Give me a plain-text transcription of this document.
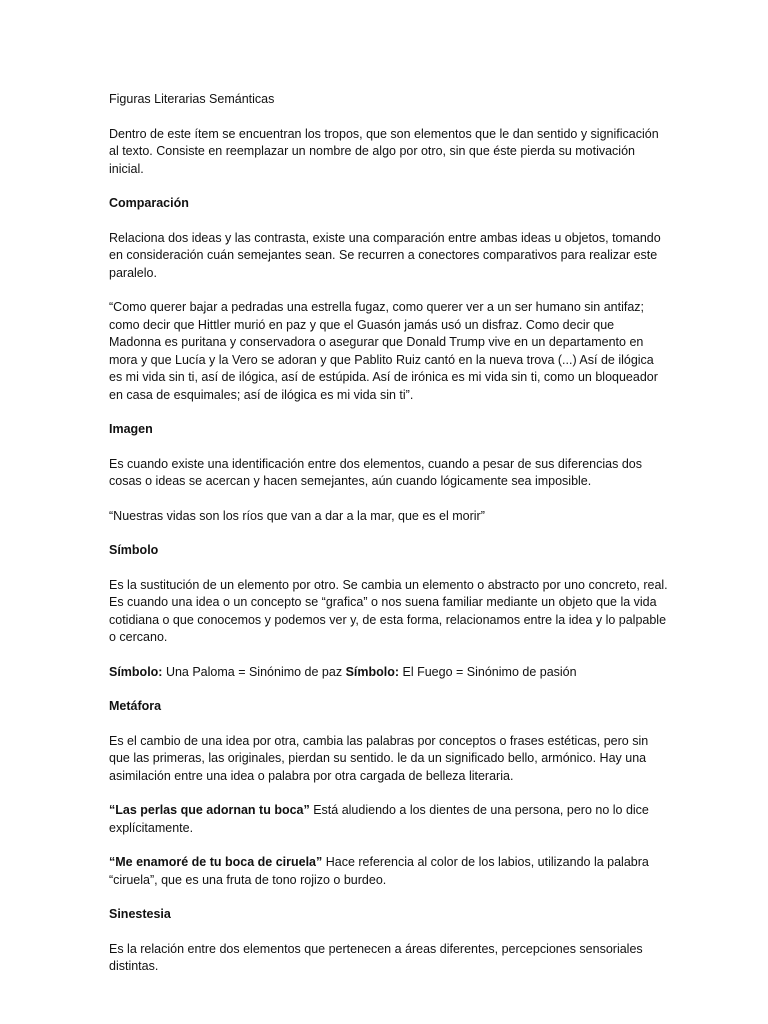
Figuras Literarias Semánticas

Dentro de este ítem se encuentran los tropos, que son elementos que le dan sentido y significación al texto. Consiste en reemplazar un nombre de algo por otro, sin que éste pierda su motivación inicial.

Comparación

Relaciona dos ideas y las contrasta, existe una comparación entre ambas ideas u objetos, tomando en consideración cuán semejantes sean. Se recurren a conectores comparativos para realizar este paralelo.

“Como querer bajar a pedradas una estrella fugaz, como querer ver a un ser humano sin antifaz; como decir que Hittler murió en paz y que el Guasón jamás usó un disfraz. Como decir que Madonna es puritana y conservadora o asegurar que Donald Trump vive en un departamento en mora y que Lucía y la Vero se adoran y que Pablito Ruiz cantó en la nueva trova (...) Así de ilógica es mi vida sin ti, así de ilógica, así de estúpida. Así de irónica es mi vida sin ti, como un bloqueador en casa de esquimales; así de ilógica es mi vida sin ti”.

Imagen

Es cuando existe una identificación entre dos elementos, cuando a pesar de sus diferencias dos cosas o ideas se acercan y hacen semejantes, aún cuando lógicamente sea imposible.

“Nuestras vidas son los ríos que van a dar a la mar, que es el morir”

Símbolo

Es la sustitución de un elemento por otro. Se cambia un elemento o abstracto por uno concreto, real. Es cuando una idea o un concepto se “grafica” o nos suena familiar mediante un objeto que la vida cotidiana o que conocemos y podemos ver y, de esta forma, relacionamos entre la idea y lo palpable o cercano.

Símbolo: Una Paloma = Sinónimo de paz Símbolo: El Fuego = Sinónimo de pasión

Metáfora

Es el cambio de una idea por otra, cambia las palabras por conceptos o frases estéticas, pero sin que las primeras, las originales, pierdan su sentido. le da un significado bello, armónico. Hay una asimilación entre una idea o palabra por otra cargada de belleza literaria.

“Las perlas que adornan tu boca” Está aludiendo a los dientes de una persona, pero no lo dice explícitamente.

“Me enamoré de tu boca de ciruela” Hace referencia al color de los labios, utilizando la palabra “ciruela”, que es una fruta de tono rojizo o burdeo.

Sinestesia

Es la relación entre dos elementos que pertenecen a áreas diferentes, percepciones sensoriales distintas.
